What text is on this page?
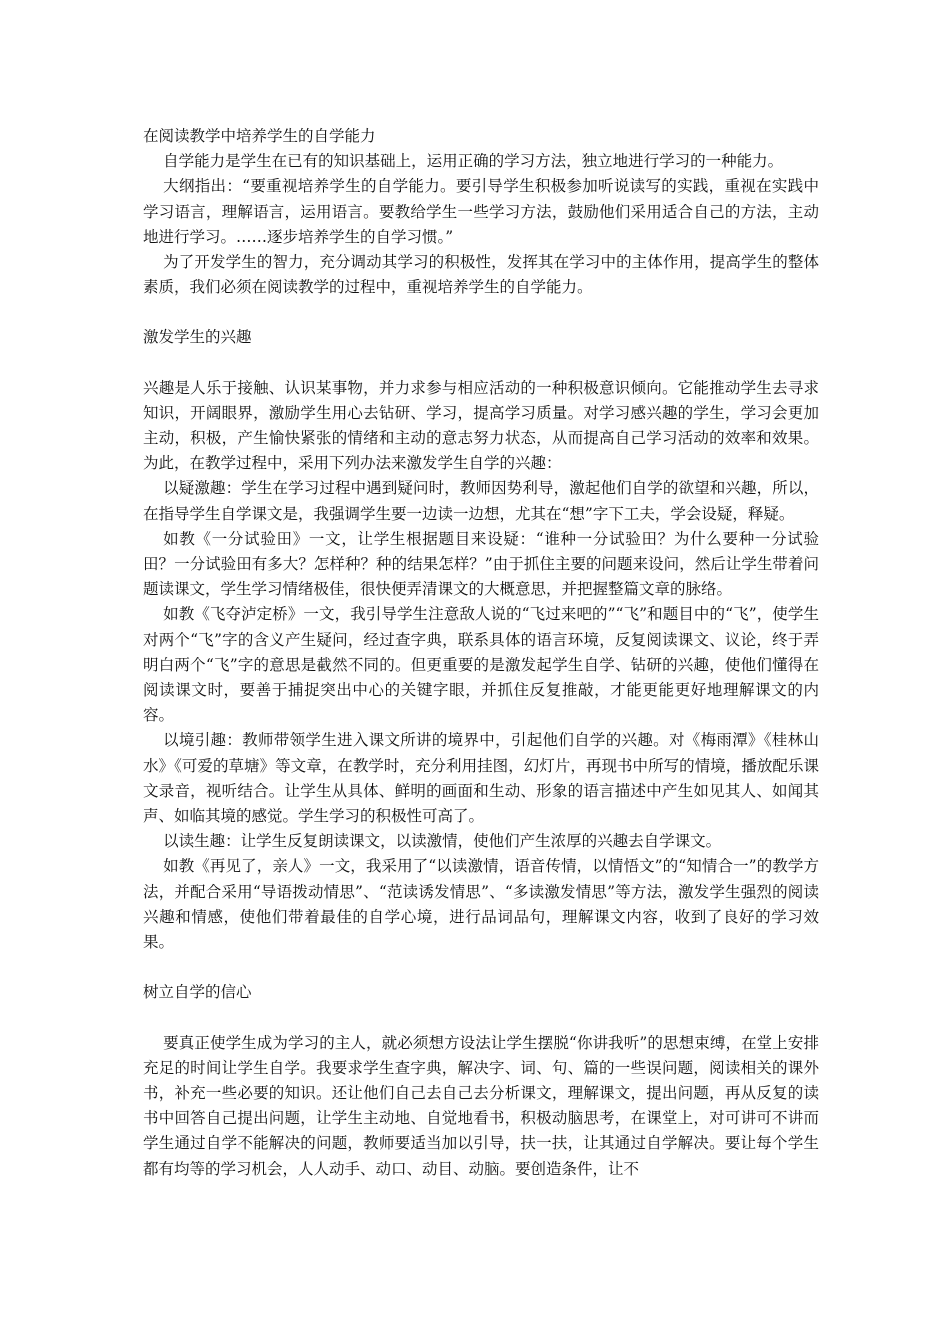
在阅读教学中培养学生的自学能力

自学能力是学生在已有的知识基础上，运用正确的学习方法，独立地进行学习的一种能力。

大纲指出：“要重视培养学生的自学能力。要引导学生积极参加听说读写的实践，重视在实践中学习语言，理解语言，运用语言。要教给学生一些学习方法，鼓励他们采用适合自己的方法，主动地进行学习。……逐步培养学生的自学习惯。”

为了开发学生的智力，充分调动其学习的积极性，发挥其在学习中的主体作用，提高学生的整体素质，我们必须在阅读教学的过程中，重视培养学生的自学能力。

激发学生的兴趣

兴趣是人乐于接触、认识某事物，并力求参与相应活动的一种积极意识倾向。它能推动学生去寻求知识，开阔眼界，激励学生用心去钻研、学习，提高学习质量。对学习感兴趣的学生，学习会更加主动，积极，产生愉快紧张的情绪和主动的意志努力状态，从而提高自己学习活动的效率和效果。为此，在教学过程中，采用下列办法来激发学生自学的兴趣：

以疑激趣：学生在学习过程中遇到疑问时，教师因势利导，激起他们自学的欲望和兴趣，所以，在指导学生自学课文是，我强调学生要一边读一边想，尤其在“想”字下工夫，学会设疑，释疑。

如教《一分试验田》一文，让学生根据题目来设疑：“谁种一分试验田？为什么要种一分试验田？一分试验田有多大？怎样种？种的结果怎样？”由于抓住主要的问题来设问，然后让学生带着问题读课文，学生学习情绪极佳，很快便弄清课文的大概意思，并把握整篇文章的脉络。

如教《飞夺泸定桥》一文，我引导学生注意敌人说的“飞过来吧的”“飞”和题目中的“飞”，使学生对两个“飞”字的含义产生疑问，经过查字典，联系具体的语言环境，反复阅读课文、议论，终于弄明白两个“飞”字的意思是截然不同的。但更重要的是激发起学生自学、钻研的兴趣，使他们懂得在阅读课文时，要善于捕捉突出中心的关键字眼，并抓住反复推敲，才能更能更好地理解课文的内容。

以境引趣：教师带领学生进入课文所讲的境界中，引起他们自学的兴趣。对《梅雨潭》《桂林山水》《可爱的草塘》等文章，在教学时，充分利用挂图，幻灯片，再现书中所写的情境，播放配乐课文录音，视听结合。让学生从具体、鲜明的画面和生动、形象的语言描述中产生如见其人、如闻其声、如临其境的感觉。学生学习的积极性可高了。

以读生趣：让学生反复朗读课文，以读激情，使他们产生浓厚的兴趣去自学课文。

如教《再见了，亲人》一文，我采用了“以读激情，语音传情，以情悟文”的“知情合一”的教学方法，并配合采用“导语拨动情思”、“范读诱发情思”、“多读激发情思”等方法，激发学生强烈的阅读兴趣和情感，使他们带着最佳的自学心境，进行品词品句，理解课文内容，收到了良好的学习效果。

树立自学的信心

要真正使学生成为学习的主人，就必须想方设法让学生摆脱“你讲我听”的思想束缚，在堂上安排充足的时间让学生自学。我要求学生查字典，解决字、词、句、篇的一些误问题，阅读相关的课外书，补充一些必要的知识。还让他们自己去自己去分析课文，理解课文，提出问题，再从反复的读书中回答自己提出问题，让学生主动地、自觉地看书，积极动脑思考，在课堂上，对可讲可不讲而学生通过自学不能解决的问题，教师要适当加以引导，扶一扶，让其通过自学解决。要让每个学生都有均等的学习机会，人人动手、动口、动目、动脑。要创造条件，让不
